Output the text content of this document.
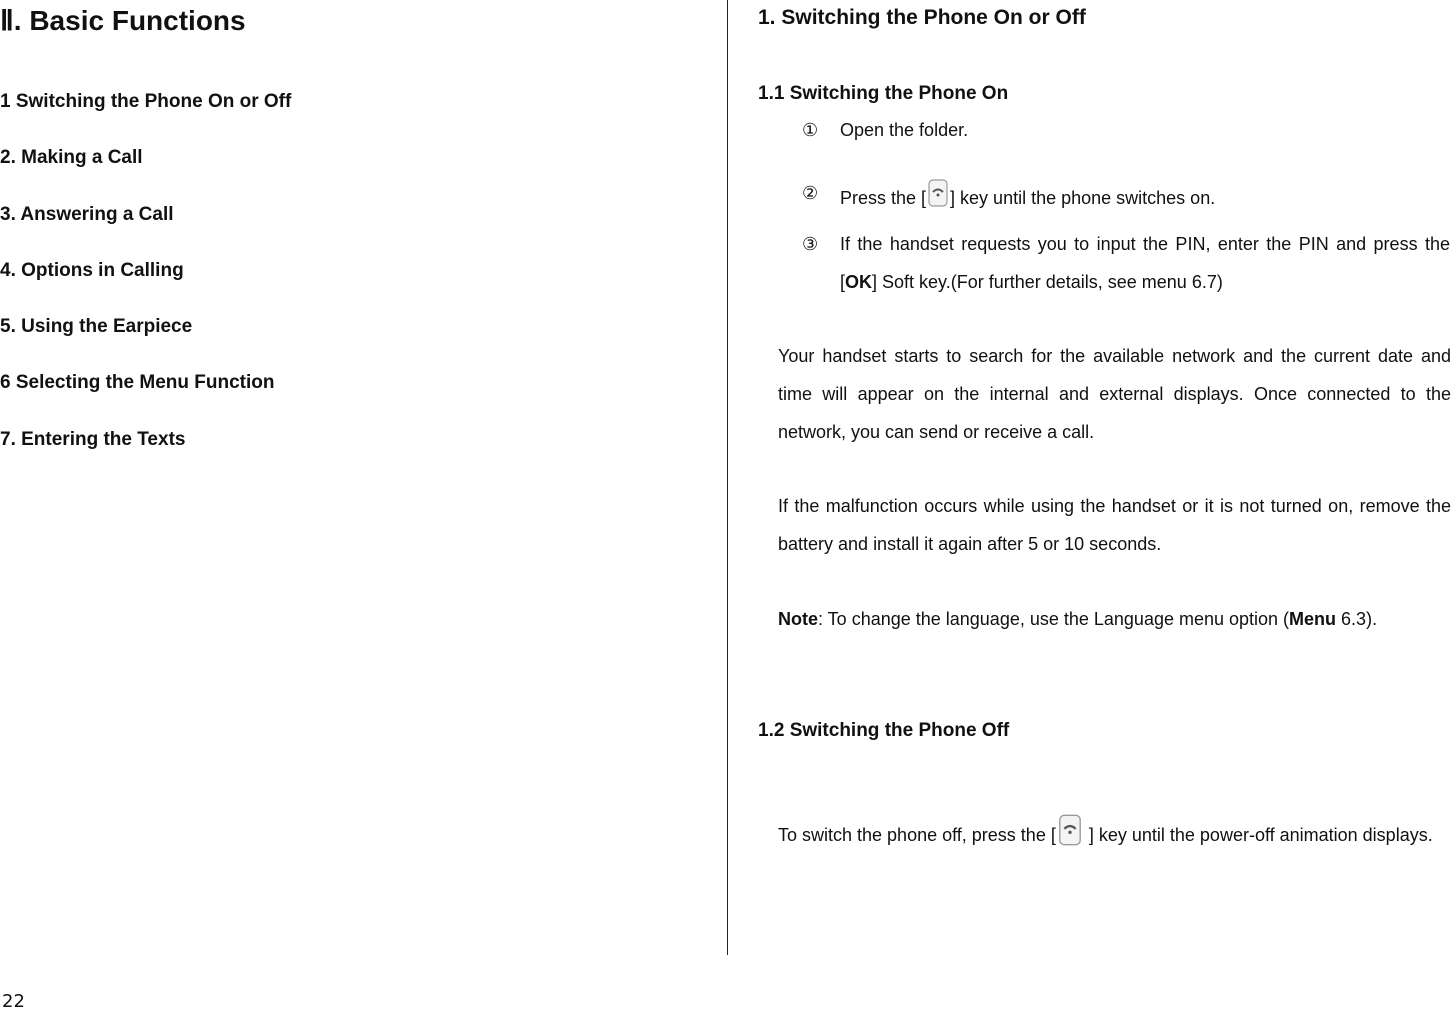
Ⅱ. Basic Functions
1 Switching the Phone On or Off
2. Making a Call
3. Answering a Call
4. Options in Calling
5. Using the Earpiece
6 Selecting the Menu Function
7. Entering the Texts
22
1. Switching the Phone On or Off
1.1 Switching the Phone On
① Open the folder.
② Press the [ ] key until the phone switches on.
③ If the handset requests you to input the PIN, enter the PIN and press the [OK] Soft key.(For further details, see menu 6.7)
Your handset starts to search for the available network and the current date and time will appear on the internal and external displays. Once connected to the network, you can send or receive a call.
If the malfunction occurs while using the handset or it is not turned on, remove the battery and install it again after 5 or 10 seconds.
Note: To change the language, use the Language menu option (Menu 6.3).
1.2 Switching the Phone Off
To switch the phone off, press the [ ] key until the power-off animation displays.
